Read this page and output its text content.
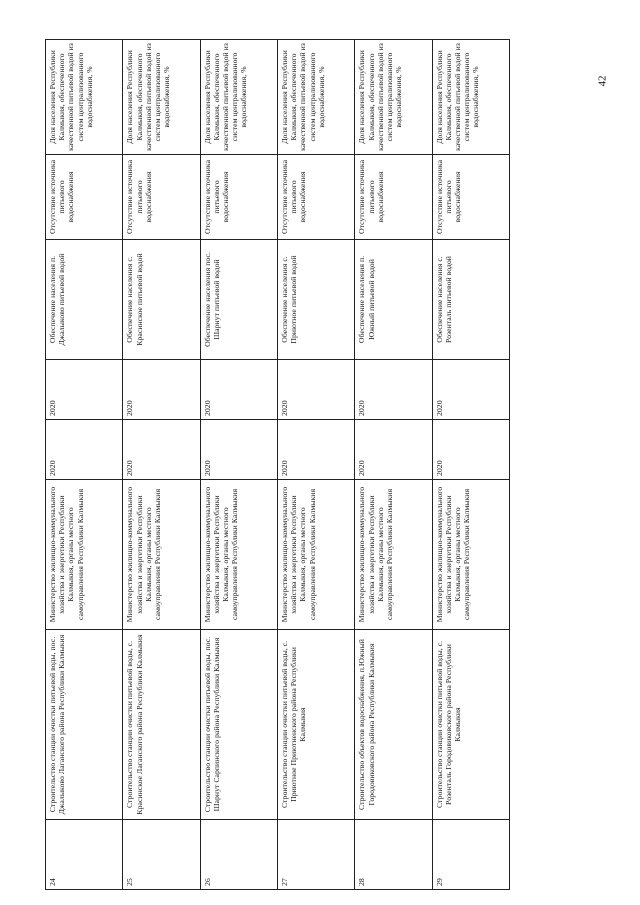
24	Строительство станции очистки питьевой воды, пос. Джалыково Лаганского района Республики Калмыкия	Министерство жилищно-коммунального хозяйства и энергетики Республики Калмыкия, органы местного самоуправления Республики Калмыкия	2020	2020	Обеспечение населения п. Джалыково питьевой водой	Отсутствие источника питьевого водоснабжения	Доля населения Республики Калмыкия, обеспеченного качественной питьевой водой из систем централизованного водоснабжения, %
25	Строительство станции очистки питьевой воды, с. Красинское Лаганского района Республики Калмыкия	Министерство жилищно-коммунального хозяйства и энергетики Республики Калмыкия, органы местного самоуправления Республики Калмыкия	2020	2020	Обеспечение населения с. Красинское питьевой водой	Отсутствие источника питьевого водоснабжения	Доля населения Республики Калмыкия, обеспеченного качественной питьевой водой из систем централизованного водоснабжения, %
26	Строительство станции очистки питьевой воды, пос. Шарнут Сарпинского района Республики Калмыкия	Министерство жилищно-коммунального хозяйства и энергетики Республики Калмыкия, органы местного самоуправления Республики Калмыкия	2020	2020	Обеспечение населения пос. Шарнут питьевой водой	Отсутствие источника питьевого водоснабжения	Доля населения Республики Калмыкия, обеспеченного качественной питьевой водой из систем централизованного водоснабжения, %
27	Строительство станции очистки питьевой воды, с. Приютное Приютненского района Республики Калмыкия	Министерство жилищно-коммунального хозяйства и энергетики Республики Калмыкия, органы местного самоуправления Республики Калмыкия	2020	2020	Обеспечение населения с. Приютное питьевой водой	Отсутствие источника питьевого водоснабжения	Доля населения Республики Калмыкия, обеспеченного качественной питьевой водой из систем централизованного водоснабжения, %
28	Строительство объектов водоснабжения, п.Южный Городовиковского района Республики Калмыкия	Министерство жилищно-коммунального хозяйства и энергетики Республики Калмыкия, органы местного самоуправления Республики Калмыкия	2020	2020	Обеспечение населения п. Южный питьевой водой	Отсутствие источника питьевого водоснабжения	Доля населения Республики Калмыкия, обеспеченного качественной питьевой водой из систем централизованного водоснабжения, %
29	Строительство станции очистки питьевой воды, с. Розенталь Городовиковского района Республики Калмыкия	Министерство жилищно-коммунального хозяйства и энергетики Республики Калмыкия, органы местного самоуправления Республики Калмыкия	2020	2020	Обеспечение населения с. Розенталь питьевой водой	Отсутствие источника питьевого водоснабжения	Доля населения Республики Калмыкия, обеспеченного качественной питьевой водой из систем централизованного водоснабжения, %	42
